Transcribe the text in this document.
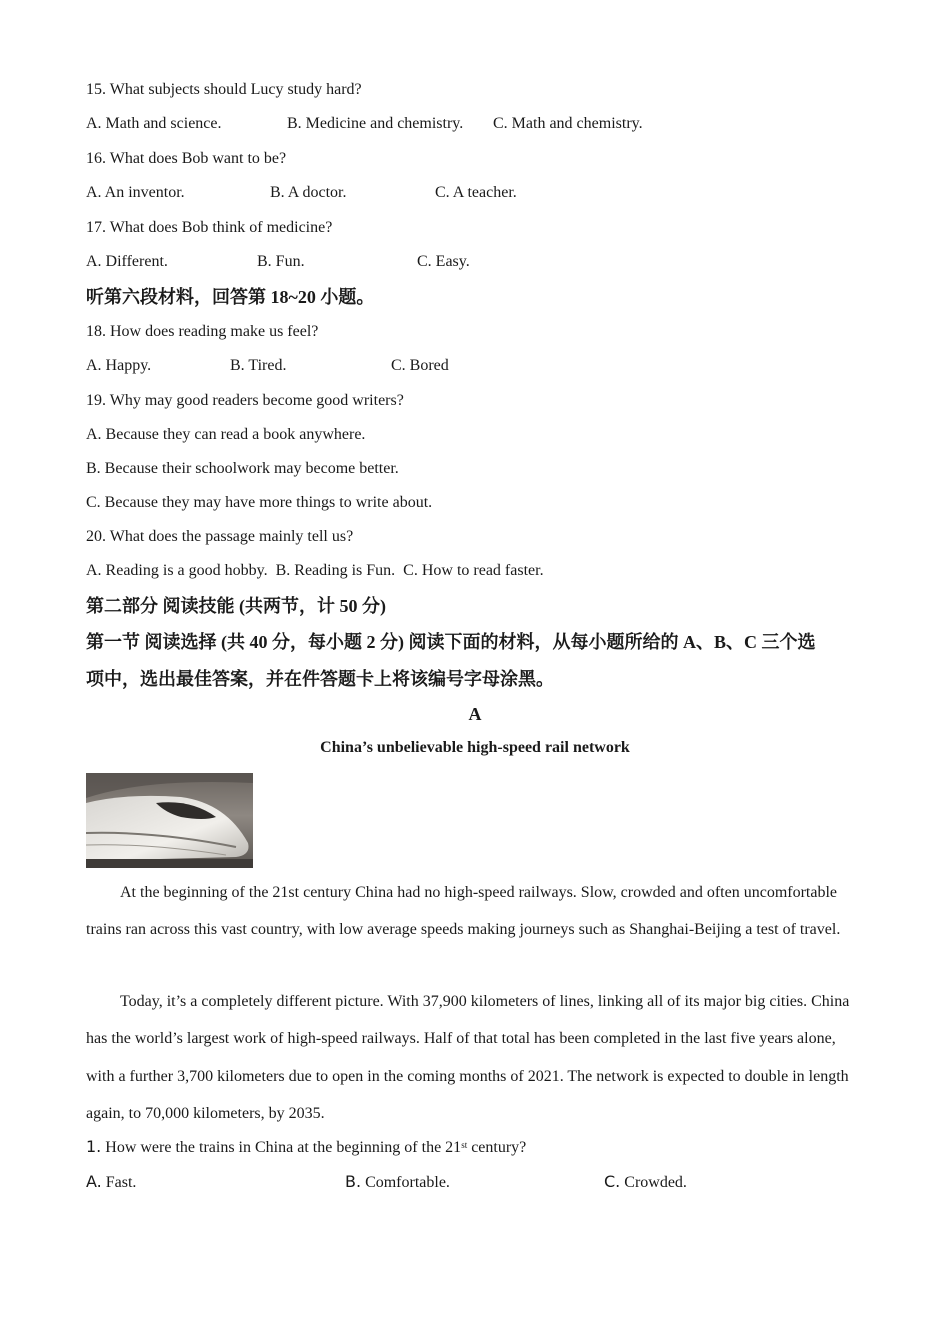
15. What subjects should Lucy study hard?
A. Math and science.	B. Medicine and chemistry. C. Math and chemistry.
16. What does Bob want to be?
A. An inventor.	B. A doctor.	C. A teacher.
17. What does Bob think of medicine?
A. Different.	B. Fun.	C. Easy.
听第六段材料，回答第 18~20 小题。
18. How does reading make us feel?
A. Happy.	B. Tired.	C. Bored
19. Why may good readers become good writers?
A. Because they can read a book anywhere.
B. Because their schoolwork may become better.
C. Because they may have more things to write about.
20. What does the passage mainly tell us?
A. Reading is a good hobby.  B. Reading is Fun.  C. How to read faster.
第二部分 阅读技能 (共两节，计 50 分)
第一节 阅读选择 (共 40 分，每小题 2 分) 阅读下面的材料，从每小题所给的 A、B、C 三个选
项中，选出最佳答案，并在件答题卡上将该编号字母涂黑。
A
China’s unbelievable high-speed rail network
At the beginning of the 21st century China had no high-speed railways. Slow, crowded and often uncomfortable trains ran across this vast country, with low average speeds making journeys such as Shanghai-Beijing a test of travel.
Today, it’s a completely different picture. With 37,900 kilometers of lines, linking all of its major big cities. China has the world’s largest work of high-speed railways. Half of that total has been completed in the last five years alone, with a further 3,700 kilometers due to open in the coming months of 2021. The network is expected to double in length again, to 70,000 kilometers, by 2035.
1. How were the trains in China at the beginning of the 21st century?
A. Fast.	B. Comfortable.	C. Crowded.
